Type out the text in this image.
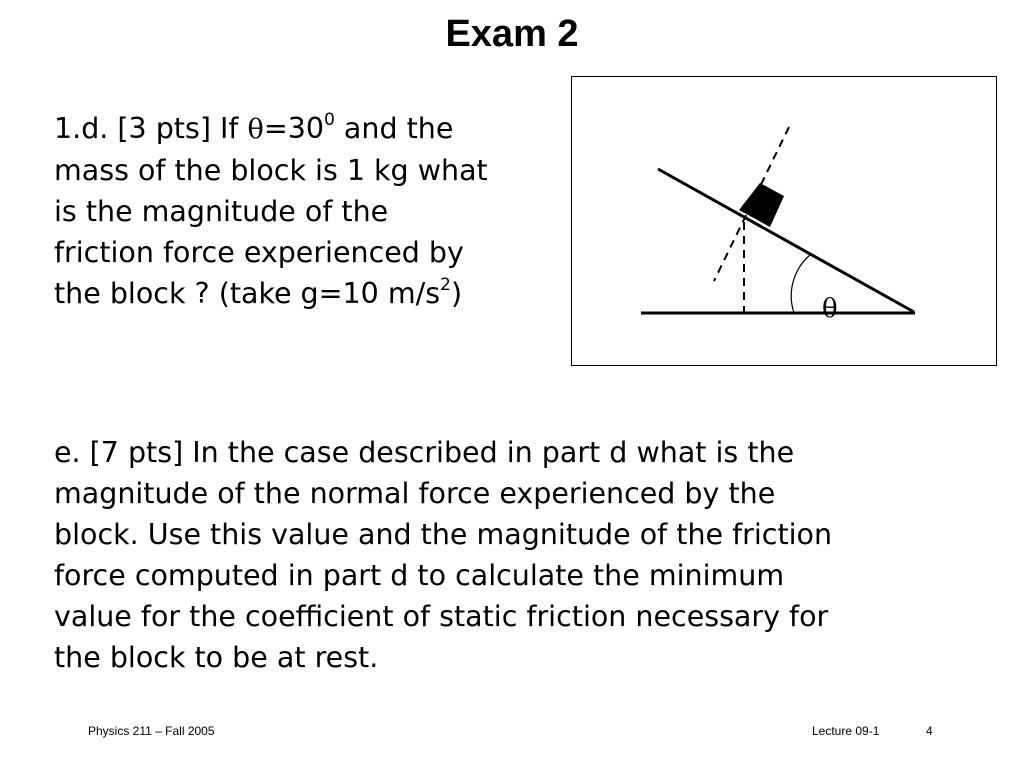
Exam 2
1.d. [3 pts] If $\theta=30^0$ and the
mass of the block is 1 kg what
is the magnitude of the
friction force experienced by
the block ? (take g=10 $m/s^2$)	θ
e. [7 pts] In the case described in part d what is the
magnitude of the normal force experienced by the
block. Use this value and the magnitude of the friction
force computed in part d to calculate the minimum
value for the coefficient of static friction necessary for
the block to be at rest.
Physics 211 – Fall 2005	Lecture 09-1	4
